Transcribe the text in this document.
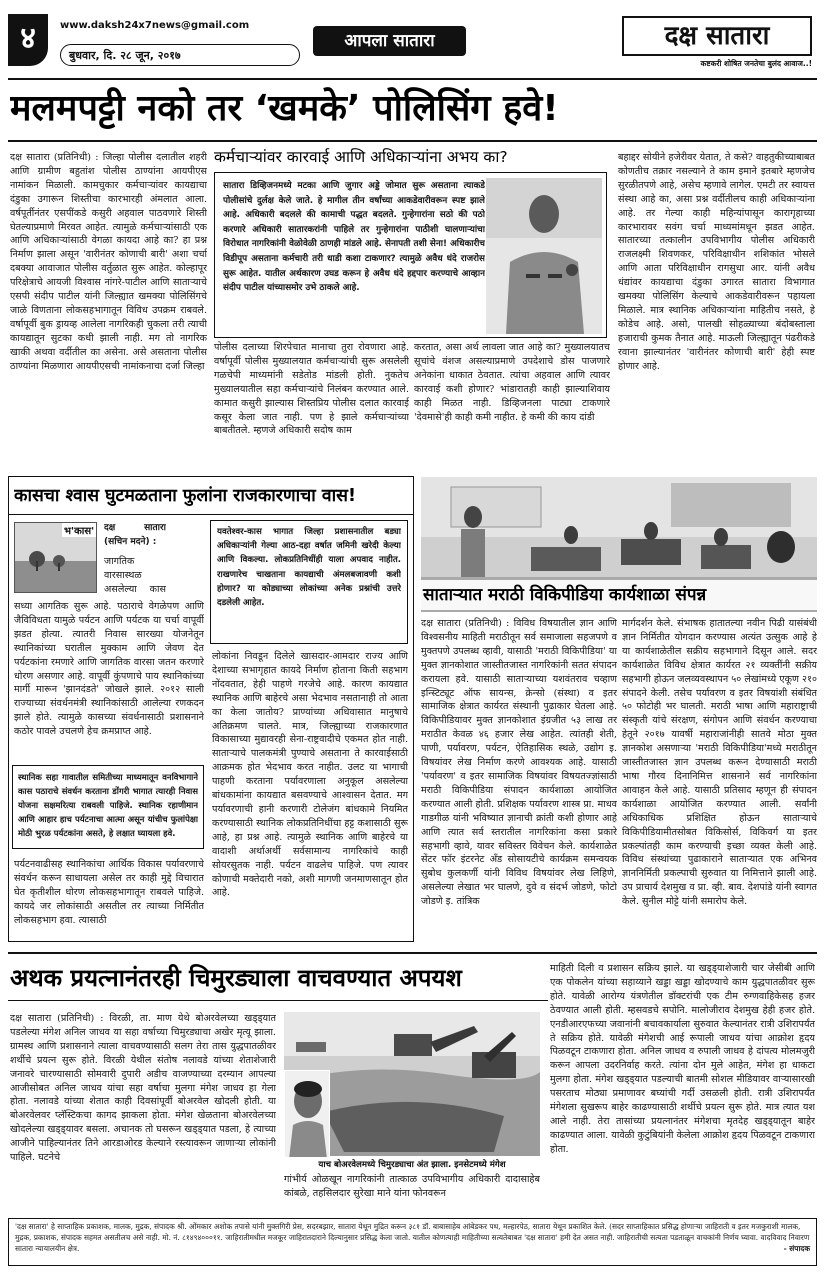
४	www.daksh24x7news@gmail.com
बुधवार, दि. २८ जून, २०१७
आपला सातारा	दक्ष सातारा
कष्टकरी शोषित जनतेचा बुलंद आवाज..!
मलमपट्टी नको तर ‘खमके’ पोलिसिंग हवे!

दक्ष सातारा (प्रतिनिधी) : जिल्हा पोलीस दलातील शहरी आणि ग्रामीण बहुतांश पोलीस ठाण्यांना आयपीएस नामांकन मिळाली. कामचुकार कर्मचाऱ्यांवर कायद्याचा दंडुका उगारून शिस्तीचा कारभारही अंमलात आला. वर्षपूर्तीनंतर एसपींकडे कसुरी अहवाल पाठवणारे शिस्ती घेतल्याप्रमाणे मिरवत आहेत. त्यामुळे कर्मचाऱ्यांसाठी एक आणि अधिकाऱ्यांसाठी वेगळा कायदा आहे का? हा प्रश्न निर्माण झाला असून 'वारीनंतर कोणाची बारी' अशा चर्चा दबक्या आवाजात पोलीस वर्तुळात सुरू आहेत. कोल्हापूर परिक्षेत्राचे आयजी विश्वास नांगरे-पाटील आणि साताऱ्याचे एसपी संदीप पाटील यांनी जिल्ह्यात खमक्या पोलिसिंगचे जाळे विणताना लोकसहभागातून विविध उपक्रम राबवले. वर्षापूर्वी बुक ड्रायव्ह आलेला नागरिकही चुकला तरी त्याची कायद्यातून सुटका कधी झाली नाही. मग तो नागरिक खाकी अथवा वर्दीतील का असेना. असे असताना पोलीस ठाण्यांना मिळणारा आयपीएसची नामांकनाचा दर्जा जिल्हा

कर्मचाऱ्यांवर कारवाई आणि अधिकाऱ्यांना अभय का?
सातारा डिव्हिजनमध्ये मटका आणि जुगार अड्डे जोमात सुरू असताना त्याकडे पोलीसांचे दुर्लक्ष केले जाते. हे मागील तीन वर्षांच्या आकडेवारीवरून स्पष्ट झाले आहे. अधिकारी बदलले की कामाची पद्धत बदलते. गुन्हेगारांना सठो की पठो करणारे अधिकारी सातारकरांनी पाहिले तर गुन्हेगारांना पाठीशी घालणाऱ्यांचा विरोधात नागरिकांनी वेळोवेळी ठाणही मांडले आहे. सेनापती तशी सेना! अधिकारीच विडीपूप असताना कर्मचारी तरी धाडी कशा टाकणार? त्यामुळे अवैध धंदे राजरोस सुरू आहेत. यातील अर्थकारण उघड करून हे अवैध धंदे हद्दपार करण्याचे आव्हान संदीप पाटील यांच्यासमोर उभे ठाकले आहे.

पोलीस दलाच्या शिरपेचात मानाचा तुरा रोवणारा आहे. वर्षापूर्वी पोलीस मुख्यालयात कर्मचाऱ्यांची सुरू असलेली गळचेपी माध्यमांनी सडेतोड मांडली होती. नुकतेच मुख्यालयातील सहा कर्मचाऱ्यांचे निलंबन करण्यात आले. कामात कसुरी झाल्यास शिस्तप्रिय पोलीस दलात कारवाई कसूर केला जात नाही. पण हे झाले कर्मचाऱ्यांच्या बाबतीतले. म्हणजे अधिकारी सदोष काम

करतात, असा अर्थ लावला जात आहे का? मुख्यालयातच सूचांचे वंशज असल्याप्रमाणे उपदेशाचे डोस पाजणारे अनेकांना धाकात ठेवतात. त्यांचा अहवाल आणि त्यावर कारवाई कशी होणार? भांडारातही काही झाल्याशिवाय काही मिळत नाही. डिव्हिजनला पाट्या टाकणारे 'देवमासे'ही काही कमी नाहीत. हे कमी की काय दांडी

बहाद्दर सोयीने हजेरीवर येतात, ते कसे? वाहतुकीच्याबाबत कोणतीच तक्रार नसल्याने ते काम इमाने इतबारे म्हणजेच सुरळीतपणे आहे, असेच म्हणावे लागेल. एमटी तर स्वायत्त संस्था आहे का, असा प्रश्न वर्दीतीलच काही अधिकाऱ्यांना आहे. तर गेल्या काही महिन्यांपासून कारागृहाच्या कारभारावर सवंग चर्चा माध्यमांमधून झडत आहेत. सातारच्या तत्कालीन उपविभागीय पोलीस अधिकारी राजलक्ष्मी शिवणकर, परिविक्षाधीन शशिकांत भोसले आणि आता परिविक्षाधीन रागसुधा आर. यांनी अवैध धंद्यांवर कायद्याचा दंडुका उगारत सातारा विभागात खमक्या पोलिसिंग केल्याचे आकडेवारीवरून पहायला मिळाले. मात्र स्थानिक अधिकाऱ्यांना माहितीच नसते, हे कोडेच आहे. असो, पालखी सोहळ्याच्या बंदोबस्ताला हजाराची कुमक तैनात आहे. माऊली जिल्ह्यातून पंढरीकडे रवाना झाल्यानंतर 'वारीनंतर कोणाची बारी' हेही स्पष्ट होणार आहे.

कासचा श्वास घुटमळताना फुलांना राजकारणाचा वास!
भ'कास' दक्ष सातारा (सचिन मदने) :
जागतिक वारसास्थळ असलेल्या कास
यवतेश्वर-कास भागात जिल्हा प्रशासनातील बड्या अधिकाऱ्यांनी गेल्या आठ-दहा वर्षात जमिनी खरेदी केल्या आणि विकल्या. लोकप्रतिनिधींही याला अपवाद नाहीत. राखणारेच चाखताना कायद्याची अंमलबजावणी कशी होणार? या कोड्याच्या लोकांच्या अनेक प्रश्नांची उत्तरे दडलेली आहेत.

सध्या आगतिक सुरू आहे. पठाराचे वेगळेपण आणि जैविविधता यामुळे पर्यटन आणि पर्यटक या चर्चा वापूर्वी झडत होत्या. त्यातरी निवास सारख्या योजनेतून स्थानिकांच्या घरातील मुक्काम आणि जेवण देत पर्यटकांना रमणारे आणि जागतिक वारसा जतन करणारे धोरण असणार आहे. वापूर्वी कुंपणाचे पाय स्थानिकांच्या मार्गी मारून 'झानदंडते' जोखले झाले. २०१२ साली राज्याच्या संवर्धनमंत्री स्थानिकांसाठी आलेल्या रणकदन झाले होते. त्यामुळे कासच्या संवर्धनासाठी प्रशासनाने कठोर पावले उचलणे हेच क्रमप्राप्त आहे.

स्थानिक सहा गावातील समितीच्या माध्यमातून वनविभागाने कास पठाराचे संवर्धन करताना डोंगरी भागात त्यारही निवास योजना सक्षमरित्या राबवली पाहिजे. स्थानिक रहाणीमान आणि आहार हाच पर्यटनाचा आत्मा असून यांचीच फुलांपेक्षा मोठी भुरळ पर्यटकांना असते, हे लक्षात घ्यायला हवे.

पर्यटनवाढीसह स्थानिकांचा आर्थिक विकास पर्यावरणाचे संवर्धन करून साधायला असेल तर काही मुद्दे विचारात घेत कृतीशील धोरण लोकसहभागातून राबवले पाहिजे. कायदे जर लोकांसाठी असतील तर त्याच्या निर्मितीत लोकसहभाग हवा. त्यासाठी

लोकांना निवडून दिलेले खासदार-आमदार राज्य आणि देशाच्या सभागृहात कायदे निर्माण होताना किती सहभाग नोंदवतात, हेही पाहणे गरजेचे आहे. कारण कायद्यात स्थानिक आणि बाहेरचे असा भेदभाव नसतानाही तो आता का केला जातोय? प्राण्यांच्या अधिवासात मानुषाचे अतिक्रमण चालते. मात्र, जिल्ह्याच्या राजकारणात विकासाच्या मुद्यावरही सेना-राष्ट्रवादीचे एकमत होत नाही. साताऱ्याचे पालकमंत्री पुण्याचे असताना ते कारवाईसाठी आक्रमक होत भेदभाव करत नाहीत. उलट या भागाची पाहणी करताना पर्यावरणाला अनुकूल असलेल्या बांधकामांना कायद्यात बसवण्याचे आश्वासन देतात. मग पर्यावरणाची हानी करणारी टोलेजंग बांधकामे नियमित करण्यासाठी स्थानिक लोकप्रतिनिधींचा हट्ट कशासाठी सुरू आहे, हा प्रश्न आहे. त्यामुळे स्थानिक आणि बाहेरचे या वादाशी अर्थाअर्थी सर्वसामान्य नागरिकांचे काही सोयरसुतक नाही. पर्यटन वाढलेच पाहिजे. पण त्यावर कोणाची मक्तेदारी नको, अशी मागणी जनमाणसातून होत आहे.

साताऱ्यात मराठी विकिपीडिया कार्यशाळा संपन्न

दक्ष सातारा (प्रतिनिधी) : विविध विषयातील ज्ञान आणि विश्वसनीय माहिती मराठीतून सर्व समाजाला सहजपणे व मुक्तपणे उपलब्ध व्हावी, यासाठी 'मराठी विकिपीडिया' या मुक्त ज्ञानकोशात जास्तीतजास्त नागरिकांनी सतत संपादन करायला हवे. यासाठी साताऱ्याच्या यशवंतराव चव्हाण इन्स्टिट्यूट ऑफ सायन्स, क्रेन्सो (संस्था) व इतर सामाजिक क्षेत्रात कार्यरत संस्थानी पुढाकार घेतला आहे. विकिपीडियावर मुक्त ज्ञानकोशात इंग्रजीत ५३ लाख तर मराठीत केवळ ४६ हजार लेख आहेत. त्यांतही शेती, पाणी, पर्यावरण, पर्यटन, ऐतिहासिक स्थळे, उद्योग इ. विषयांवर लेख निर्माण करणे आवश्यक आहे. यासाठी 'पर्यावरण' व इतर सामाजिक विषयांवर विषयतज्ज्ञांसाठी मराठी विकिपीडिया संपादन कार्यशाळा आयोजित करण्यात आली होती. प्रशिक्षक पर्यावरण शास्त्र प्रा. माधव गाडगीळ यांनी भविष्यात ज्ञानाची क्रांती कशी होणार आहे आणि त्यात सर्व स्तरातील नागरिकांना कसा प्रकारे सहभागी व्हावे, यावर सविस्तर विवेचन केले. कार्यशाळेत सेंटर फॉर इंटरनेट अँड सोसायटीचे कार्यक्रम समन्वयक सुबोध कुलकर्णी यांनी विविध विषयांवर लेख लिहिणे, असलेल्या लेखात भर घालणे, दुवे व संदर्भ जोडणे, फोटो जोडणे इ. तांत्रिक

मार्गदर्शन केले. संभाषक हातातल्या नवीन पिढी यासंबंधी ज्ञान निर्मितीत योगदान करण्यास अत्यंत उत्सुक आहे हे या कार्यशाळेतील सक्रीय सहभागाने दिसून आले. सदर कार्यशाळेत विविध क्षेत्रात कार्यरत २१ व्यक्तींनी सक्रीय सहभागी होऊन जलव्यवस्थापन ५० लेखांमध्ये एकूण २१० संपादने केली. तसेच पर्यावरण व इतर विषयांशी संबंधित ५० फोटोही भर घालती. मराठी भाषा आणि महाराष्ट्राची संस्कृती यांचे संरक्षण, संगोपन आणि संवर्धन करण्याचा हेतूने २०१७ यावर्षी महाराजांनीही सातवे मोठा मुक्त ज्ञानकोश असणाऱ्या 'मराठी विकिपीडिया'मध्ये मराठीतून जास्तीतजास्त ज्ञान उपलब्ध करून देण्यासाठी मराठी भाषा गौरव दिनानिमित्त शासनाने सर्व नागरिकांना आवाहन केले आहे. यासाठी प्रतिसाद म्हणून ही संपादन कार्यशाळा आयोजित करण्यात आली. सर्वांनी अधिकाधिक प्रशिक्षित होऊन साताऱ्याचे विकिपीडियामीतसोबत विकिसोर्स, विकिवर्ग या इतर प्रकल्पांतही काम करण्याची इच्छा व्यक्त केली आहे. विविध संस्थांच्या पुढाकाराने साताऱ्यात एक अभिनव ज्ञाननिर्मिती प्रकल्पाची सुरुवात या निमित्ताने झाली आहे. उप प्राचार्य देशमुख व प्रा. व्ही. बाव. देशपांडे यांनी स्वागत केले. सुनील मोट्टे यांनी समारोप केले.

अथक प्रयत्नानंतरही चिमुरड्याला वाचवण्यात अपयश

दक्ष सातारा (प्रतिनिधी) : विरळी, ता. माण येथे बोअरवेलच्या खड्ड्यात पडलेल्या मंगेश अनिल जाधव या सहा वर्षाच्या चिमुरड्याचा अखेर मृत्यू झाला. ग्रामस्थ आणि प्रशासनाने त्याला वाचवण्यासाठी सलग तेरा तास युद्धपातळीवर शर्थीचे प्रयत्न सुरू होते. विरळी येथील संतोष नलावडे यांच्या शेताशेजारी जनावरे चारण्यासाठी सोमवारी दुपारी अडीच वाजण्याच्या दरम्यान आपल्या आजीसोबत अनिल जाधव यांचा सहा वर्षाचा मुलगा मंगेश जाधव हा गेला होता. नलावडे यांच्या शेतात काही दिवसांपूर्वी बोअरवेल खोदली होती. या बोअरवेलवर प्लॅस्टिकचा कागद झाकला होता. मंगेश खेळताना बोअरवेलच्या खोदलेल्या खड्ड्यावर बसला. अचानक तो घसरून खड्ड्यात पडला, हे त्याच्या आजीने पाहिल्यानंतर तिने आरडाओरड केल्याने रस्त्यावरून जाणाऱ्या लोकांनी पाहिले. घटनेचे

याच बोअरवेलमध्ये चिमुरड्याचा अंत झाला. इनसेटमध्ये मंगेश

गांभीर्य ओळखून नागरिकांनी तात्काळ उपविभागीय अधिकारी दादासाहेब कांबळे, तहसिलदार सुरेखा माने यांना फोनवरून

माहिती दिली व प्रशासन सक्रिय झाले. या खड्ड्याशेजारी चार जेसीबी आणि एक पोकलेन यांच्या सहाय्याने खड्डा खड्डा खोदण्याचे काम युद्धपातळीवर सुरू होते. यावेळी आरोग्य यंत्रणेतील डॉक्टरांची एक टीम रुग्णवाहिकेसह हजर ठेवण्यात आली होती. म्हसवडचे सपोनि. मालोजीराव देशमुख हेही हजर होते. एनडीआरएफच्या जवानांनी बचावकार्याला सुरुवात केल्यानंतर रात्री उशिरापर्यंत ते सक्रिय होते. यावेळी मंगेशची आई रूपाली जाधव यांचा आक्रोश हृदय पिळवटून टाकणारा होता. अनिल जाधव व रुपाली जाधव हे दांपत्य मोलमजुरी करून आपला उदरनिर्वाह करते. त्यांना दोन मुले आहेत, मंगेश हा धाकटा मुलगा होता. मंगेश खड्ड्यात पडल्याची बातमी सोशल मीडियावर वाऱ्यासारखी पसरताच मोठ्या प्रमाणावर बघ्यांची गर्दी उसळली होती. रात्री उशिरापर्यंत मंगेशला सुखरूप बाहेर काढण्यासाठी शर्थीचे प्रयत्न सुरू होते. मात्र त्यात यश आले नाही. तेरा तासांच्या प्रयत्नानंतर मंगेशचा मृतदेह खड्ड्यातून बाहेर काढण्यात आला. यावेळी कुटुंबियांनी केलेला आक्रोश हृदय पिळवटून टाकणारा होता.

'दक्ष सातारा' हे साप्ताहिक प्रकाशक, मालक, मुद्रक, संपादक श्री. ओंमकार अशोक तपासे यांनी मुक्तगिरी प्रेस, सदरबझार, सातारा येथून मुद्रित करून ३८१ डॉ. बाबासाहेब आंबेडकर पथ, मल्हारपेठ, सातारा येथून प्रकाशित केले. (सदर साप्ताहिकात प्रसिद्ध होणाऱ्या जाहिराती व इतर मजकुराशी मालक, मुद्रक, प्रकाशक, संपादक सहमत असतीलच असे नाही. मो. नं. ८१४९४०००११. जाहिरातीमधील मजकूर जाहिरातदाराने दिल्यानुसार प्रसिद्ध केला जातो. यातील कोणत्याही माहितीच्या सत्यतेबाबत 'दक्ष सातारा' हमी देत असत नाही. जाहिरातीची सत्यता पडताळून वाचकांनी निर्णय घ्यावा. वादविवाद निवारण सातारा न्यायालयीन क्षेत्र.	- संपादक
